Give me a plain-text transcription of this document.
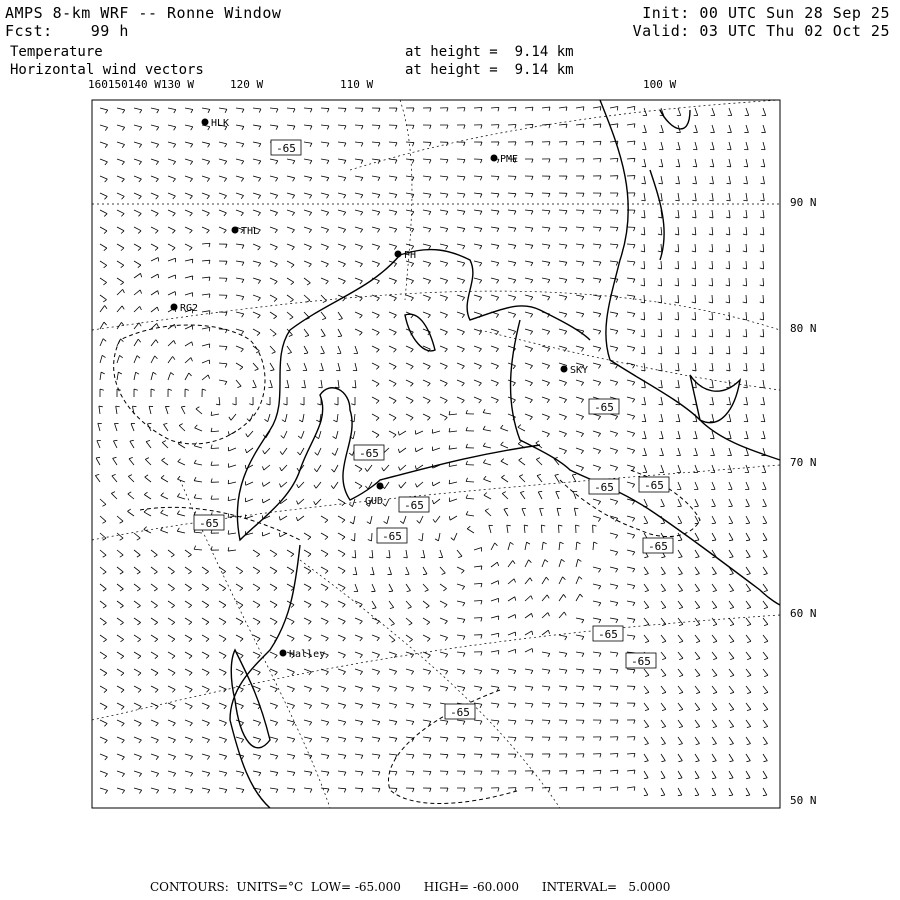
AMPS 8-km WRF -- Ronne Window
Fcst:    99 h
Init: 00 UTC Sun 28 Sep 25
Valid: 03 UTC Thu 02 Oct 25
Temperature
Horizontal wind vectors
at height =  9.14 km
at height =  9.14 km
160150140 W130 W	120 W	110 W	100 W
90 N
80 N
70 N
60 N
50 N
-65
-65
-65
-65	-65
-65
-65
-65
-65
-65
-65
-65
HLK
PME
THL
PH
RG2
SKY
GUD
Halley
CONTOURS:  UNITS=°C  LOW= -65.000      HIGH= -60.000      INTERVAL=   5.0000
